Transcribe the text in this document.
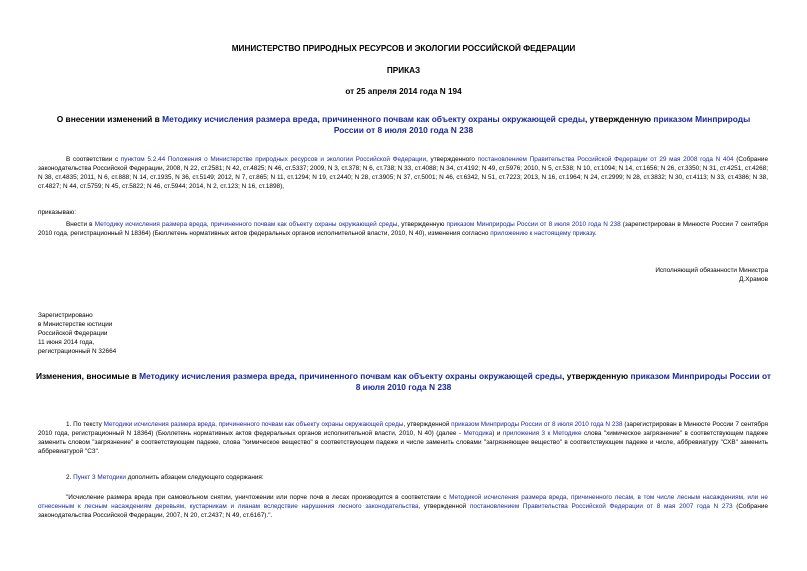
МИНИСТЕРСТВО ПРИРОДНЫХ РЕСУРСОВ И ЭКОЛОГИИ РОССИЙСКОЙ ФЕДЕРАЦИИ
ПРИКАЗ
от 25 апреля 2014 года N 194
О внесении изменений в Методику исчисления размера вреда, причиненного почвам как объекту охраны окружающей среды, утвержденную приказом Минприроды России от 8 июля 2010 года N 238
В соответствии с пунктом 5.2.44 Положения о Министерстве природных ресурсов и экологии Российской Федерации, утвержденного постановлением Правительства Российской Федерации от 29 мая 2008 года N 404 (Собрание законодательства Российской Федерации, 2008, N 22, ст.2581; N 42, ст.4825; N 46, ст.5337; 2009, N 3, ст.378; N 6, ст.738; N 33, ст.4088; N 34, ст.4192; N 49, ст.5976; 2010, N 5, ст.538; N 10, ст.1094; N 14, ст.1656; N 26, ст.3350; N 31, ст.4251, ст.4268; N 38, ст.4835; 2011, N 6, ст.888; N 14, ст.1935, N 36, ст.5149; 2012, N 7, ст.865; N 11, ст.1294; N 19, ст.2440; N 28, ст.3905; N 37, ст.5001; N 46, ст.6342, N 51, ст.7223; 2013, N 16, ст.1964; N 24, ст.2999; N 28, ст.3832; N 30, ст.4113; N 33, ст.4386; N 38, ст.4827; N 44, ст.5759; N 45, ст.5822; N 46, ст.5944; 2014, N 2, ст.123; N 16, ст.1898),
приказываю:
Внести в Методику исчисления размера вреда, причиненного почвам как объекту охраны окружающей среды, утвержденную приказом Минприроды России от 8 июля 2010 года N 238 (зарегистрирован в Минюсте России 7 сентября 2010 года, регистрационный N 18364) (Бюллетень нормативных актов федеральных органов исполнительной власти, 2010, N 40), изменения согласно приложению к настоящему приказу.

Исполняющий обязанности Министра

Д.Храмов

Зарегистрировано

в Министерстве юстиции

Российской Федерации

11 июня 2014 года,

регистрационный N 32664

Изменения, вносимые в Методику исчисления размера вреда, причиненного почвам как объекту охраны окружающей среды, утвержденную приказом Минприроды России от 8 июля 2010 года N 238
1. По тексту Методики исчисления размера вреда, причиненного почвам как объекту охраны окружающей среды, утвержденной приказом Минприроды России от 8 июля 2010 года N 238 (зарегистрирован в Минюсте России 7 сентября 2010 года, регистрационный N 18364) (Бюллетень нормативных актов федеральных органов исполнительной власти, 2010, N 40) (далее - Методика) и приложения 3 к Методике слова "химическое загрязнение" в соответствующем падеже заменить словом "загрязнение" в соответствующем падеже, слова "химическое вещество" в соответствующем падеже и числе заменить словами "загрязняющее вещество" в соответствующем падеже и числе, аббревиатуру "СХВ" заменить аббревиатурой "СЗ".
2. Пункт 3 Методики дополнить абзацем следующего содержания:
"Исчисление размера вреда при самовольном снятии, уничтожении или порче почв в лесах производится в соответствии с Методикой исчисления размера вреда, причиненного лесам, в том числе лесным насаждениям, или не отнесенным к лесным насаждениям деревьям, кустарникам и лианам вследствие нарушения лесного законодательства, утвержденной постановлением Правительства Российской Федерации от 8 мая 2007 года N 273 (Собрание законодательства Российской Федерации, 2007, N 20, ст.2437; N 49, ст.6167).".
